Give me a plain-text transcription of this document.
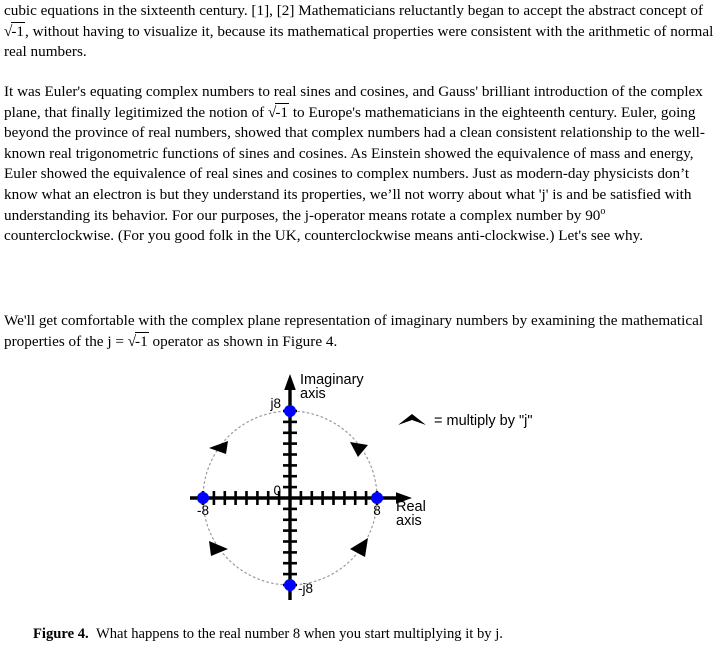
cubic equations in the sixteenth century. [1], [2] Mathematicians reluctantly began to accept the abstract concept of √-1, without having to visualize it, because its mathematical properties were consistent with the arithmetic of normal real numbers.
It was Euler's equating complex numbers to real sines and cosines, and Gauss' brilliant introduction of the complex plane, that finally legitimized the notion of √-1 to Europe's mathematicians in the eighteenth century. Euler, going beyond the province of real numbers, showed that complex numbers had a clean consistent relationship to the well-known real trigonometric functions of sines and cosines. As Einstein showed the equivalence of mass and energy, Euler showed the equivalence of real sines and cosines to complex numbers. Just as modern-day physicists don’t know what an electron is but they understand its properties, we’ll not worry about what 'j' is and be satisfied with understanding its behavior. For our purposes, the j-operator means rotate a complex number by 90$^o$ counterclockwise. (For you good folk in the UK, counterclockwise means anti-clockwise.) Let's see why.
We'll get comfortable with the complex plane representation of imaginary numbers by examining the mathematical properties of the j = √-1 operator as shown in Figure 4.
Imaginary
axis
Real
axis
0
j8
-j8
8
-8
= multiply by "j"
Figure 4. What happens to the real number 8 when you start multiplying it by j.
